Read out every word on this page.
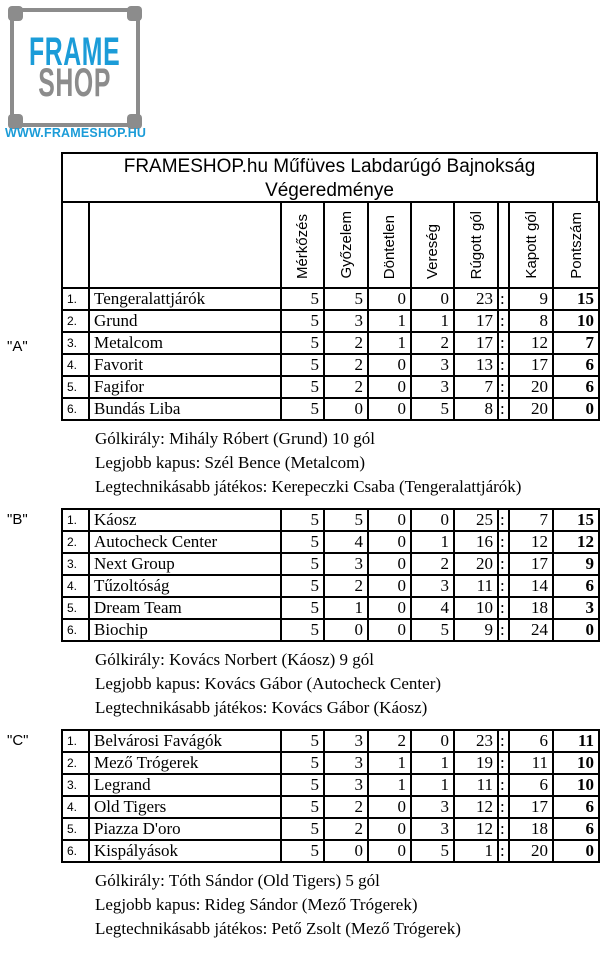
FRAME
SHOP
WWW.FRAMESHOP.HU
FRAMESHOP.hu Műfüves Labdarúgó Bajnokság
Végeredménye
"A"
		Mérkőzés	Győzelem	Döntetlen	Vereség	Rúgott gól		Kapott gól	Pontszám
1.	Tengeralattjárók	5	5	0	0	23	:	9	15
2.	Grund	5	3	1	1	17	:	8	10
3.	Metalcom	5	2	1	2	17	:	12	7
4.	Favorit	5	2	0	3	13	:	17	6
5.	Fagifor	5	2	0	3	7	:	20	6
6.	Bundás Liba	5	0	0	5	8	:	20	0
Gólkirály: Mihály Róbert (Grund) 10 gól
Legjobb kapus: Szél Bence (Metalcom)
Legtechnikásabb játékos: Kerepeczki Csaba (Tengeralattjárók)
"B"	1.	Káosz	5	5	0	0	25	:	7	15
2.	Autocheck Center	5	4	0	1	16	:	12	12
3.	Next Group	5	3	0	2	20	:	17	9
4.	Tűzoltóság	5	2	0	3	11	:	14	6
5.	Dream Team	5	1	0	4	10	:	18	3
6.	Biochip	5	0	0	5	9	:	24	0
Gólkirály: Kovács Norbert (Káosz) 9 gól
Legjobb kapus: Kovács Gábor (Autocheck Center)
Legtechnikásabb játékos: Kovács Gábor (Káosz)
"C"	1.	Belvárosi Favágók	5	3	2	0	23	:	6	11
2.	Mező Trógerek	5	3	1	1	19	:	11	10
3.	Legrand	5	3	1	1	11	:	6	10
4.	Old Tigers	5	2	0	3	12	:	17	6
5.	Piazza D'oro	5	2	0	3	12	:	18	6
6.	Kispályások	5	0	0	5	1	:	20	0
Gólkirály: Tóth Sándor (Old Tigers) 5 gól
Legjobb kapus: Rideg Sándor (Mező Trógerek)
Legtechnikásabb játékos: Pető Zsolt (Mező Trógerek)
